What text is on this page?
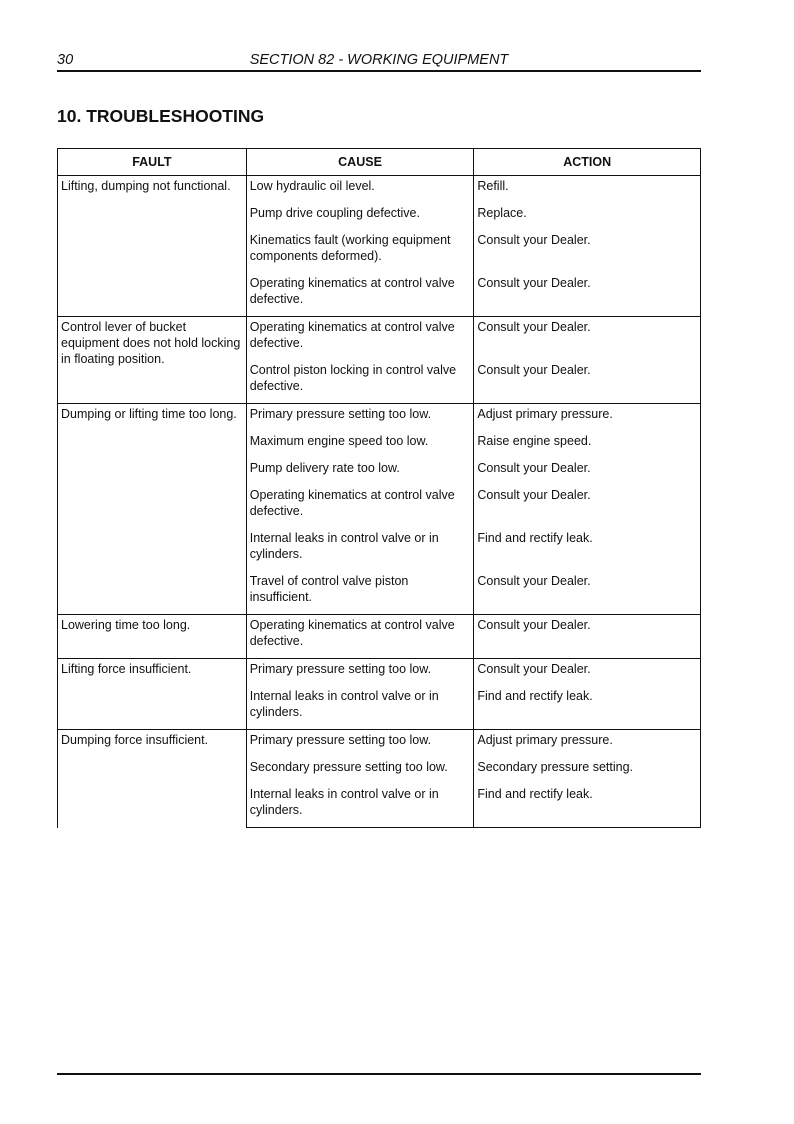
30	SECTION 82 - WORKING EQUIPMENT
10. TROUBLESHOOTING
FAULT	CAUSE	ACTION
Lifting, dumping not functional.	Low hydraulic oil level.	Refill.
	Pump drive coupling defective.	Replace.
	Kinematics fault (working equipment components deformed).	Consult your Dealer.
	Operating kinematics at control valve defective.	Consult your Dealer.
Control lever of bucket equipment does not hold locking in floating position.	Operating kinematics at control valve defective.	Consult your Dealer.
	Control piston locking in control valve defective.	Consult your Dealer.
Dumping or lifting time too long.	Primary pressure setting too low.	Adjust primary pressure.
	Maximum engine speed too low.	Raise engine speed.
	Pump delivery rate too low.	Consult your Dealer.
	Operating kinematics at control valve defective.	Consult your Dealer.
	Internal leaks in control valve or in cylinders.	Find and rectify leak.
	Travel of control valve piston insufficient.	Consult your Dealer.
Lowering time too long.	Operating kinematics at control valve defective.	Consult your Dealer.
Lifting force insufficient.	Primary pressure setting too low.	Consult your Dealer.
	Internal leaks in control valve or in cylinders.	Find and rectify leak.
Dumping force insufficient.	Primary pressure setting too low.	Adjust primary pressure.
	Secondary pressure setting too low.	Secondary pressure setting.
	Internal leaks in control valve or in cylinders.	Find and rectify leak.
